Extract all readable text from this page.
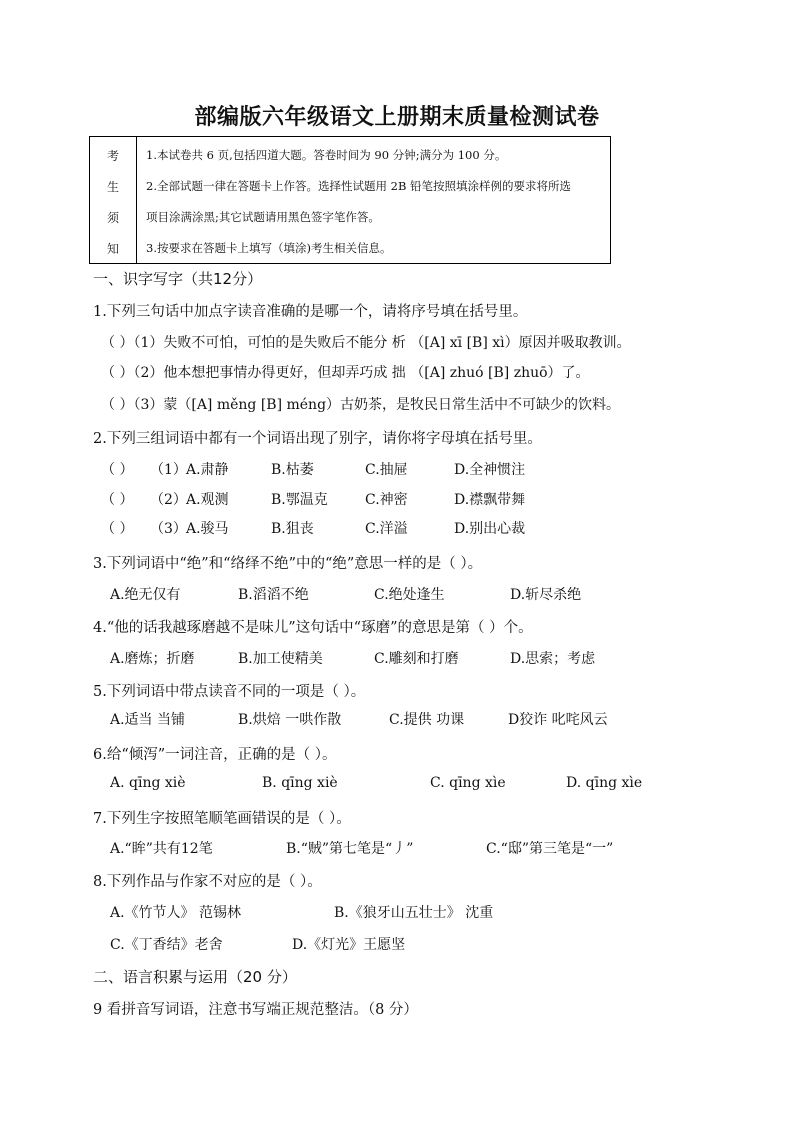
部编版六年级语文上册期末质量检测试卷
考
生
须
知
1.本试卷共 6 页,包括四道大题。答卷时间为 90 分钟;满分为 100 分。
2.全部试题一律在答题卡上作答。选择性试题用 2B 铅笔按照填涂样例的要求将所选
项目涂满涂黑;其它试题请用黑色签字笔作答。
3.按要求在答题卡上填写（填涂)考生相关信息。
一、识字写字（共12分）
1.下列三句话中加点字读音准确的是哪一个，请将序号填在括号里。
（ ）（1）失败不可怕，可怕的是失败后不能分 析 （[A] xī [B] xì）原因并吸取教训。
（ ）（2）他本想把事情办得更好，但却弄巧成 拙 （[A] zhuó [B] zhuō）了。
（ ）（3）蒙（[A] měng [B] méng）古奶茶，是牧民日常生活中不可缺少的饮料。
2.下列三组词语中都有一个词语出现了别字，请你将字母填在括号里。
（ ） （1） A.肃静	B.枯萎	C.抽屉	D.全神惯注
（ ） （2） A.观测	B.鄂温克	C.神密	D.襟飘带舞
（ ） （3） A.骏马	B.狙丧	C.洋溢	D.别出心裁
3.下列词语中“绝”和“络绎不绝”中的“绝”意思一样的是（ ）。
A.绝无仅有	B.滔滔不绝	C.绝处逢生	D.斩尽杀绝
4.“他的话我越琢磨越不是味儿”这句话中“琢磨”的意思是第（ ）个。
A.磨炼；折磨	B.加工使精美	C.雕刻和打磨	D.思索；考虑
5.下列词语中带点读音不同的一项是（ ）。
A.适当 当铺	B.烘焙 一哄作散	C.提供 功课	D狡诈 叱咤风云
6.给“倾泻”一词注音，正确的是（ ）。
A. qīng xiè	B. qīng xiè	C. qīng xìe	D. qīng xìe
7.下列生字按照笔顺笔画错误的是（ ）。
A.“眸”共有12笔	B.“贼”第七笔是“丿”	C.“邸”第三笔是“一”
8.下列作品与作家不对应的是（ ）。
A.《竹节人》 范锡林	B.《狼牙山五壮士》 沈重
C.《丁香结》老舍	D.《灯光》王愿坚
二、语言积累与运用（20 分）
9 看拼音写词语，注意书写端正规范整洁。（8 分）
